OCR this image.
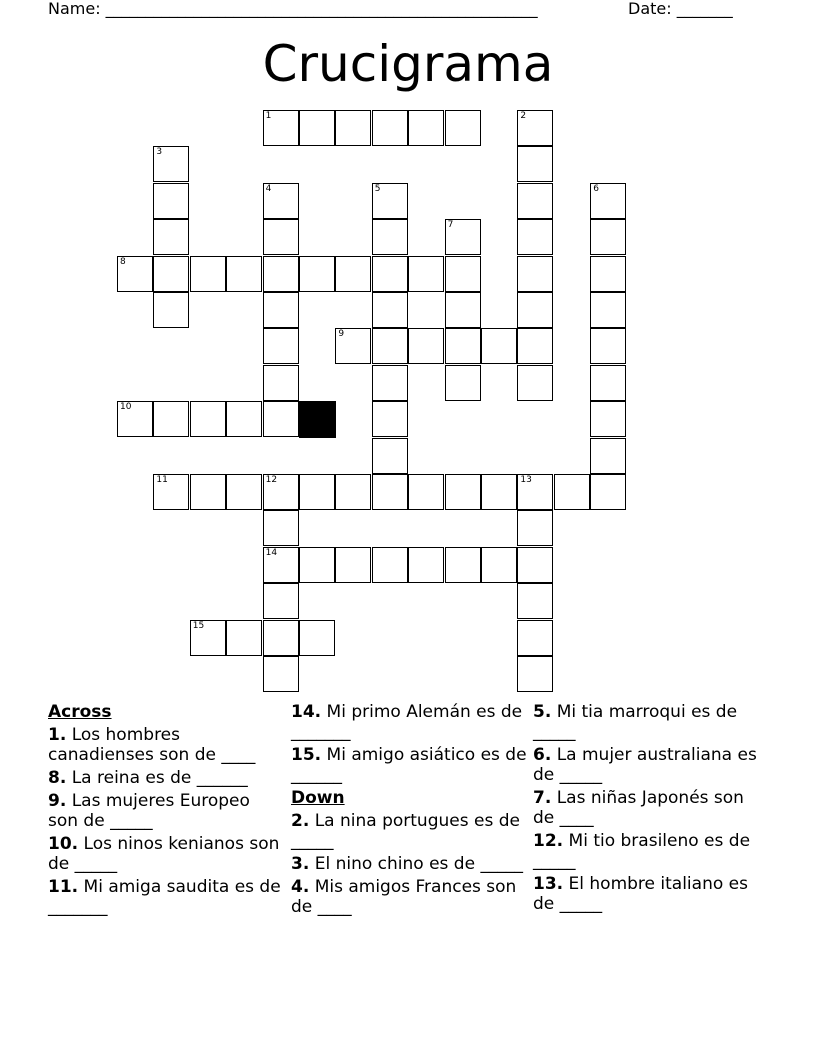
Name: ______________________________________________________	Date: _______
Crucigrama
1	2
3
4	5	6
7
8
9
10
11	12	13
14
15
Across
1. Los hombres canadienses son de ____
8. La reina es de ______
9. Las mujeres Europeo son de _____
10. Los ninos kenianos son de _____
11. Mi amiga saudita es de _______
14. Mi primo Alemán es de _______
15. Mi amigo asiático es de ______
Down
2. La nina portugues es de _____
3. El nino chino es de _____
4. Mis amigos Frances son de ____
5. Mi tia marroqui es de _____
6. La mujer australiana es de _____
7. Las niñas Japonés son de ____
12. Mi tio brasileno es de _____
13. El hombre italiano es de _____
